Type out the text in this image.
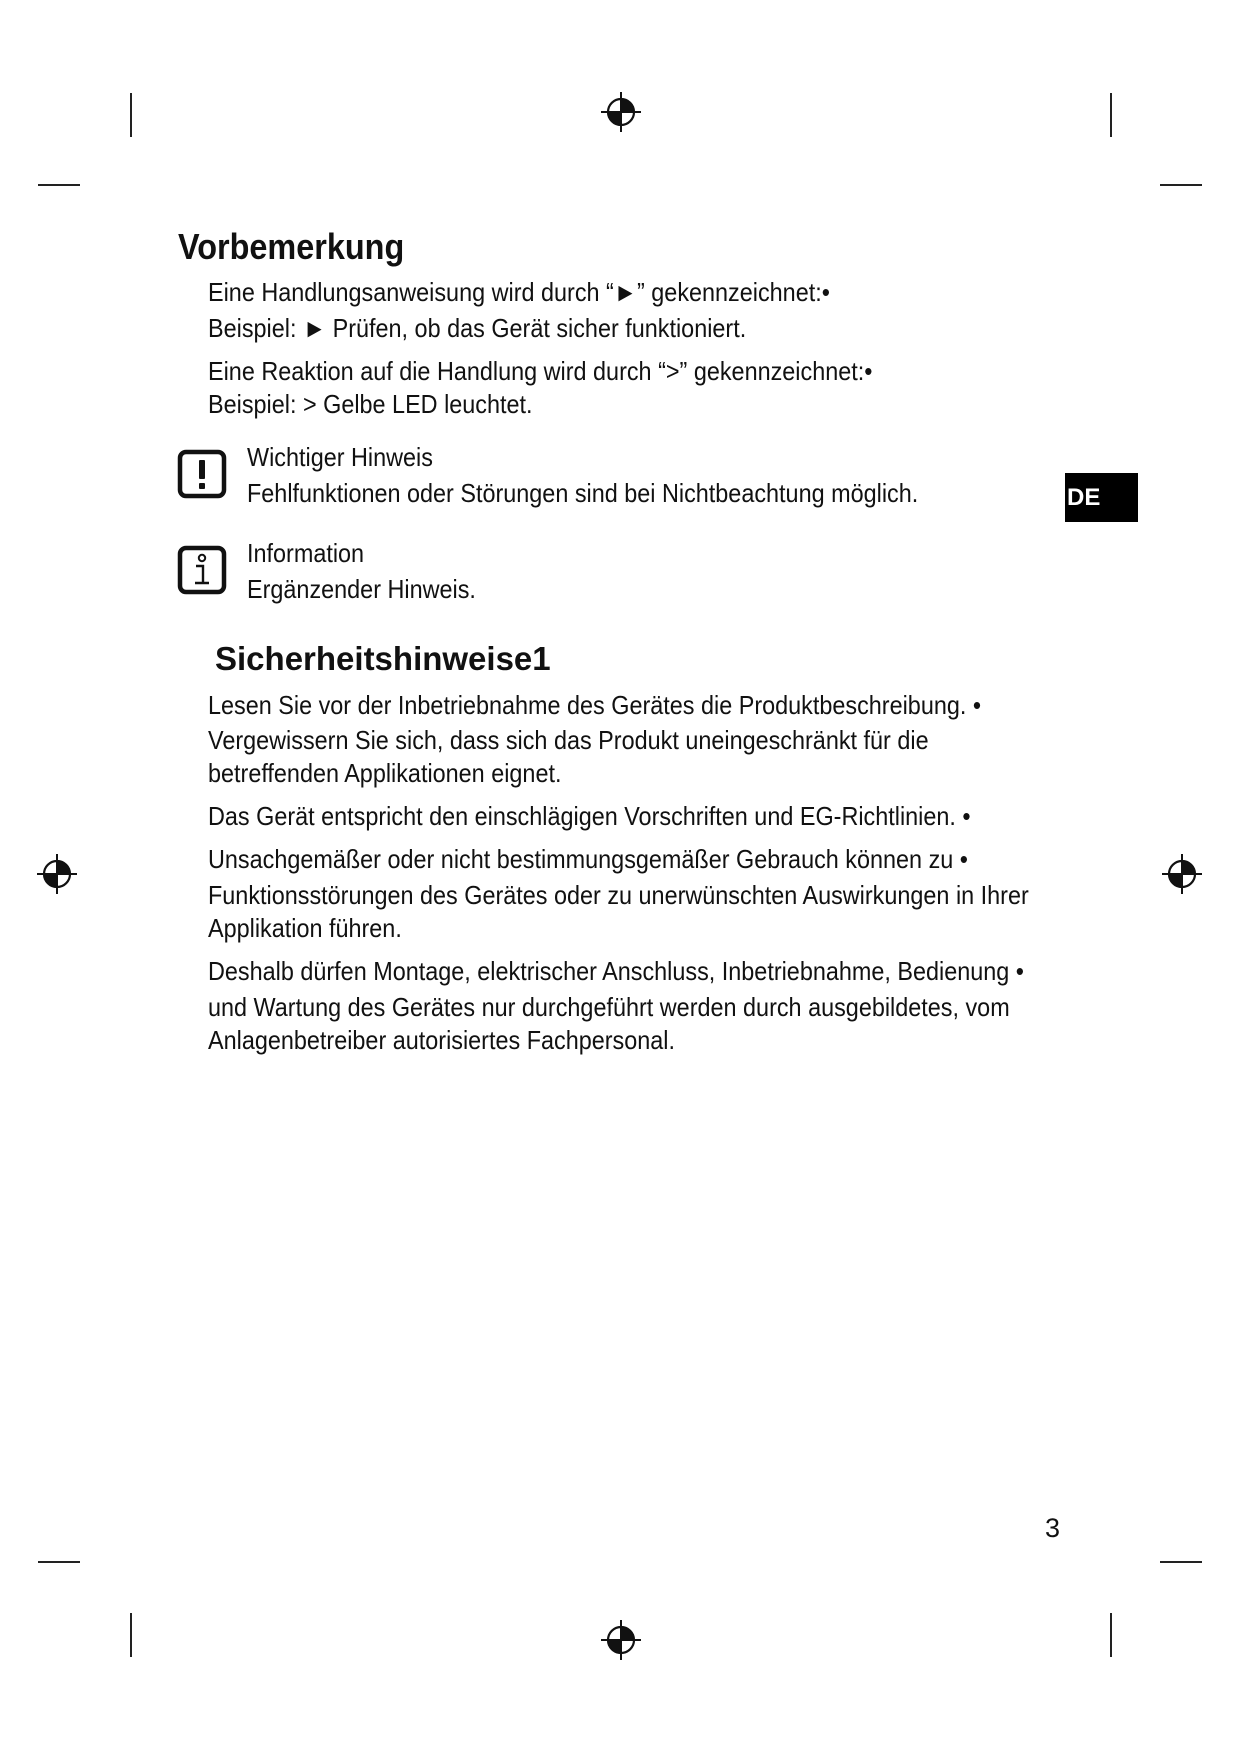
Vorbemerkung
Eine Handlungsanweisung wird durch “►” gekennzeichnet:•
Beispiel: ► Prüfen, ob das Gerät sicher funktioniert.
Eine Reaktion auf die Handlung wird durch “>” gekennzeichnet:•
Beispiel: > Gelbe LED leuchtet.
Wichtiger Hinweis
Fehlfunktionen oder Störungen sind bei Nichtbeachtung möglich.
Information
Ergänzender Hinweis.
Sicherheitshinweise1
Lesen Sie vor der Inbetriebnahme des Gerätes die Produktbeschreibung. •
Vergewissern Sie sich, dass sich das Produkt uneingeschränkt für die
betreffenden Applikationen eignet.
Das Gerät entspricht den einschlägigen Vorschriften und EG-Richtlinien. •
Unsachgemäßer oder nicht bestimmungsgemäßer Gebrauch können zu •
Funktionsstörungen des Gerätes oder zu unerwünschten Auswirkungen in Ihrer
Applikation führen.
Deshalb dürfen Montage, elektrischer Anschluss, Inbetriebnahme, Bedienung •
und Wartung des Gerätes nur durchgeführt werden durch ausgebildetes, vom
Anlagenbetreiber autorisiertes Fachpersonal.
DE
3
